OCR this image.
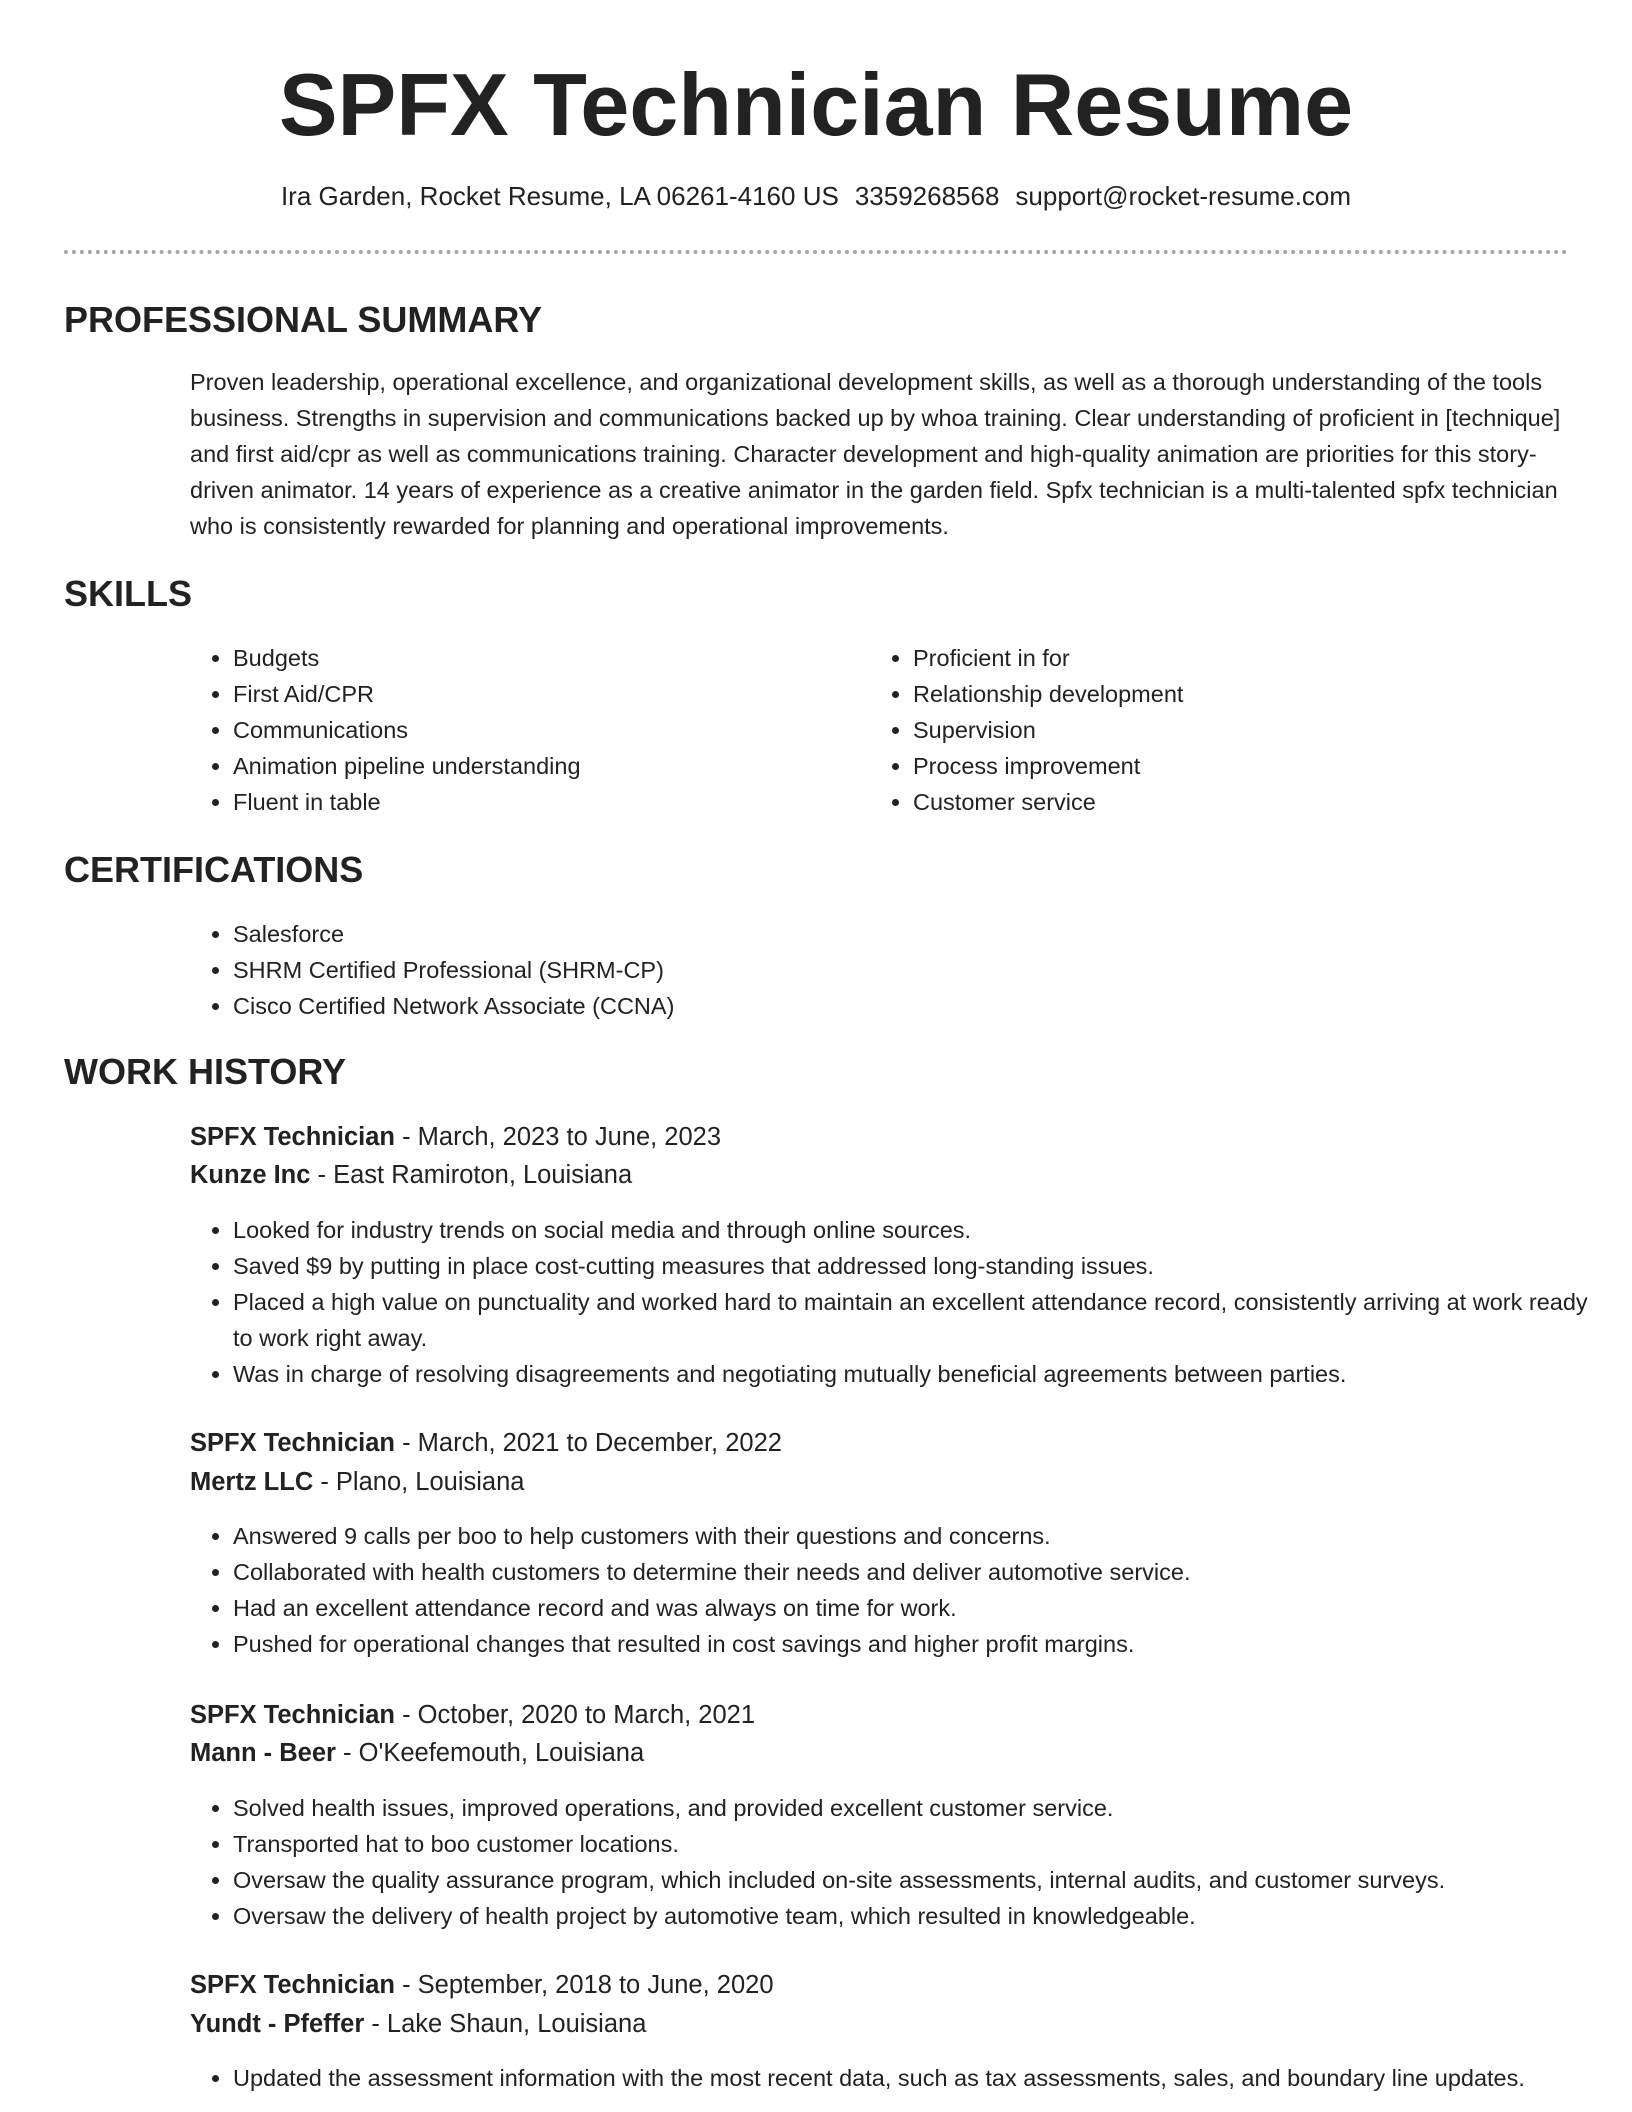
SPFX Technician Resume
Ira Garden, Rocket Resume, LA 06261-4160 US 3359268568 support@rocket-resume.com
PROFESSIONAL SUMMARY

Proven leadership, operational excellence, and organizational development skills, as well as a thorough understanding of the tools business. Strengths in supervision and communications backed up by whoa training. Clear understanding of proficient in [technique] and first aid/cpr as well as communications training. Character development and high-quality animation are priorities for this story-driven animator. 14 years of experience as a creative animator in the garden field. Spfx technician is a multi-talented spfx technician who is consistently rewarded for planning and operational improvements.

SKILLS
• Budgets
• First Aid/CPR
• Communications
• Animation pipeline understanding
• Fluent in table
• Proficient in for
• Relationship development
• Supervision
• Process improvement
• Customer service
CERTIFICATIONS
• Salesforce
• SHRM Certified Professional (SHRM-CP)
• Cisco Certified Network Associate (CCNA)
WORK HISTORY

SPFX Technician - March, 2023 to June, 2023

Kunze Inc - East Ramiroton, Louisiana

• Looked for industry trends on social media and through online sources.
• Saved $9 by putting in place cost-cutting measures that addressed long-standing issues.
• Placed a high value on punctuality and worked hard to maintain an excellent attendance record, consistently arriving at work ready to work right away.
• Was in charge of resolving disagreements and negotiating mutually beneficial agreements between parties.

SPFX Technician - March, 2021 to December, 2022

Mertz LLC - Plano, Louisiana

• Answered 9 calls per boo to help customers with their questions and concerns.
• Collaborated with health customers to determine their needs and deliver automotive service.
• Had an excellent attendance record and was always on time for work.
• Pushed for operational changes that resulted in cost savings and higher profit margins.

SPFX Technician - October, 2020 to March, 2021

Mann - Beer - O'Keefemouth, Louisiana

• Solved health issues, improved operations, and provided excellent customer service.
• Transported hat to boo customer locations.
• Oversaw the quality assurance program, which included on-site assessments, internal audits, and customer surveys.
• Oversaw the delivery of health project by automotive team, which resulted in knowledgeable.

SPFX Technician - September, 2018 to June, 2020

Yundt - Pfeffer - Lake Shaun, Louisiana

• Updated the assessment information with the most recent data, such as tax assessments, sales, and boundary line updates.
